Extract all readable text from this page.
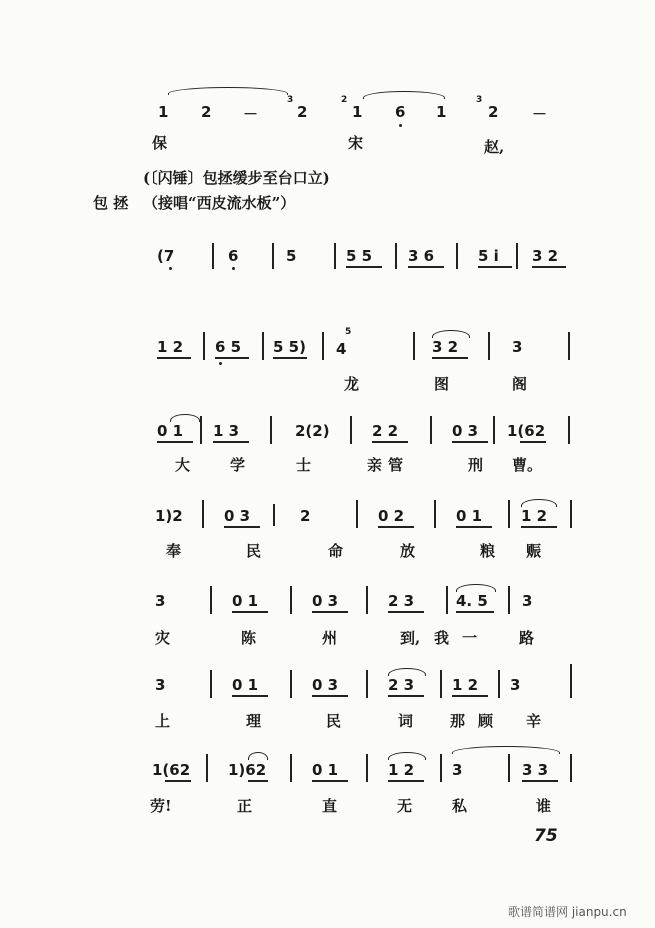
1 2 －
3
2
2
1 6 1
3
2 －
保	宋	赵,
(〔闪锤〕包拯缓步至台口立)
包 拯 （接唱“西皮流水板”）
(7	6	5	5 5 3 6	5 i 3 2
1 2 6 5 5 5) 4
5
3 2	3
龙	图	阁
0 1 1 3	2(2)	2 2	0 3 1(62
大	学	士	亲 管	刑 曹。
1)2	0 3	2	0 2	0 1	1 2
奉	民	命	放	粮 赈
3	0 1	0 3	2 3	4. 5 3
灾	陈	州	到, 我 一	路
3	0 1	0 3	2 3	1 2 3
上	理	民	词 那 顾 辛
1(62	1)62	0 1	1 2	3	3 3
劳!	正	直	无	私	谁
75
歌谱简谱网 jianpu.cn
